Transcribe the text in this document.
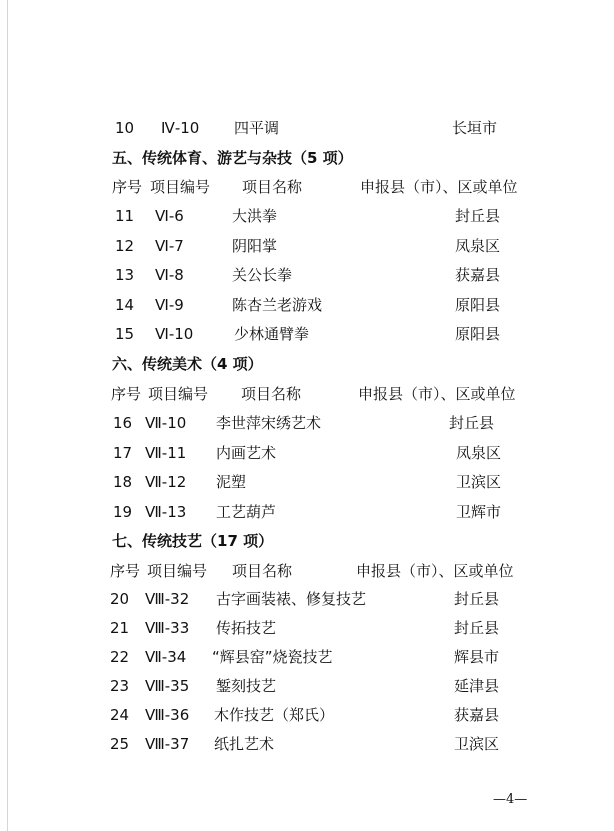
10 Ⅳ-10 四平调	长垣市
五、传统体育、游艺与杂技（5 项）
序号 项目编号 项目名称	申报县（市）、区或单位
11 Ⅵ-6	大洪拳	封丘县
12 Ⅵ-7	阴阳掌	凤泉区
13 Ⅵ-8	关公长拳	获嘉县
14 Ⅵ-9	陈杏兰老游戏	原阳县
15 Ⅵ-10	少林通臂拳	原阳县
六、传统美术（4 项）
序号 项目编号 项目名称	申报县（市）、区或单位
16 Ⅶ-10 李世萍宋绣艺术	封丘县
17 Ⅶ-11 内画艺术	凤泉区
18 Ⅶ-12 泥塑	卫滨区
19 Ⅶ-13 工艺葫芦	卫辉市
七、传统技艺（17 项）
序号 项目编号 项目名称	申报县（市）、区或单位
20 Ⅷ-32 古字画装裱、修复技艺	封丘县
21 Ⅷ-33 传拓技艺	封丘县
22 Ⅶ-34 “辉县窑”烧瓷技艺	辉县市
23 Ⅷ-35 錾刻技艺	延津县
24 Ⅷ-36 木作技艺（郑氏）	获嘉县
25 Ⅷ-37 纸扎艺术	卫滨区
—4—
